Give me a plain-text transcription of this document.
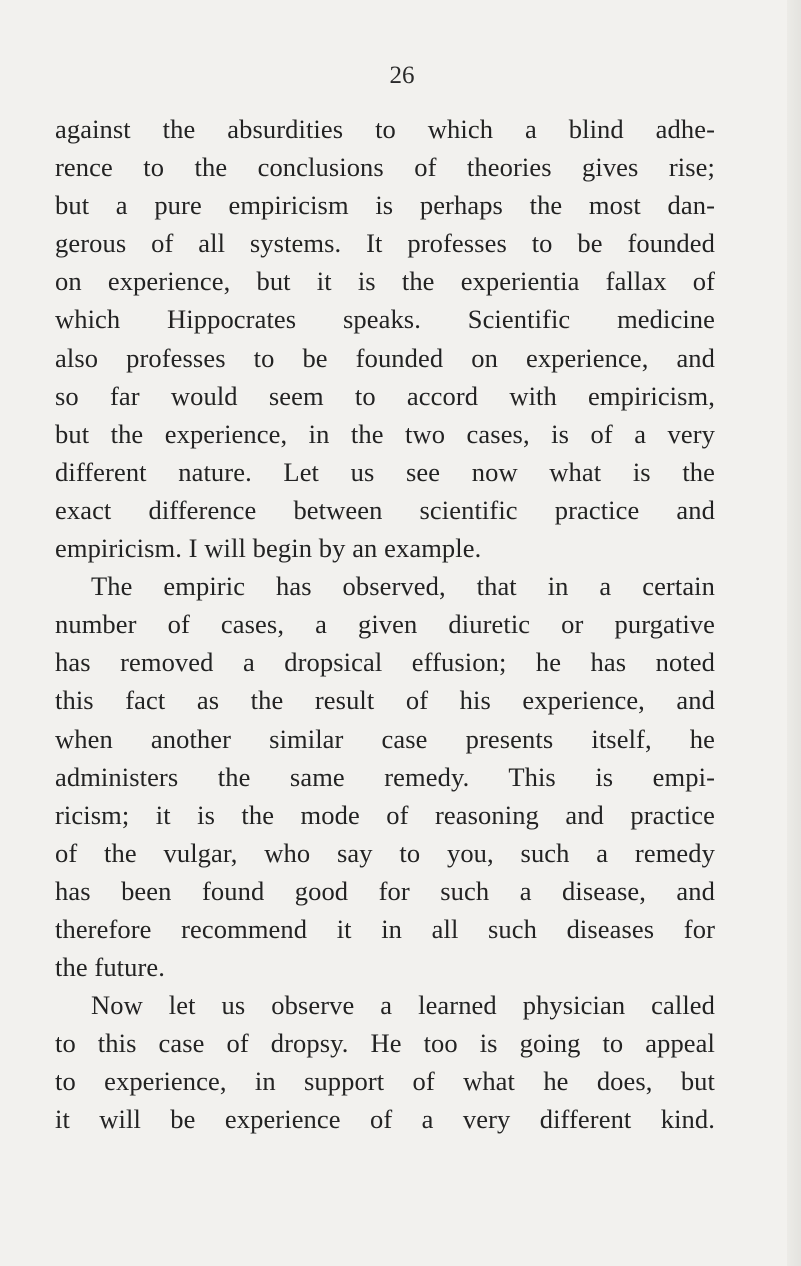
26
against the absurdities to which a blind adhe-
rence to the conclusions of theories gives rise;
but a pure empiricism is perhaps the most dan-
gerous of all systems. It professes to be founded
on experience, but it is the experientia fallax of
which Hippocrates speaks. Scientific medicine
also professes to be founded on experience, and
so far would seem to accord with empiricism,
but the experience, in the two cases, is of a very
different nature. Let us see now what is the
exact difference between scientific practice and
empiricism. I will begin by an example.
The empiric has observed, that in a certain
number of cases, a given diuretic or purgative
has removed a dropsical effusion; he has noted
this fact as the result of his experience, and
when another similar case presents itself, he
administers the same remedy. This is empi-
ricism; it is the mode of reasoning and practice
of the vulgar, who say to you, such a remedy
has been found good for such a disease, and
therefore recommend it in all such diseases for
the future.
Now let us observe a learned physician called
to this case of dropsy. He too is going to appeal
to experience, in support of what he does, but
it will be experience of a very different kind.
